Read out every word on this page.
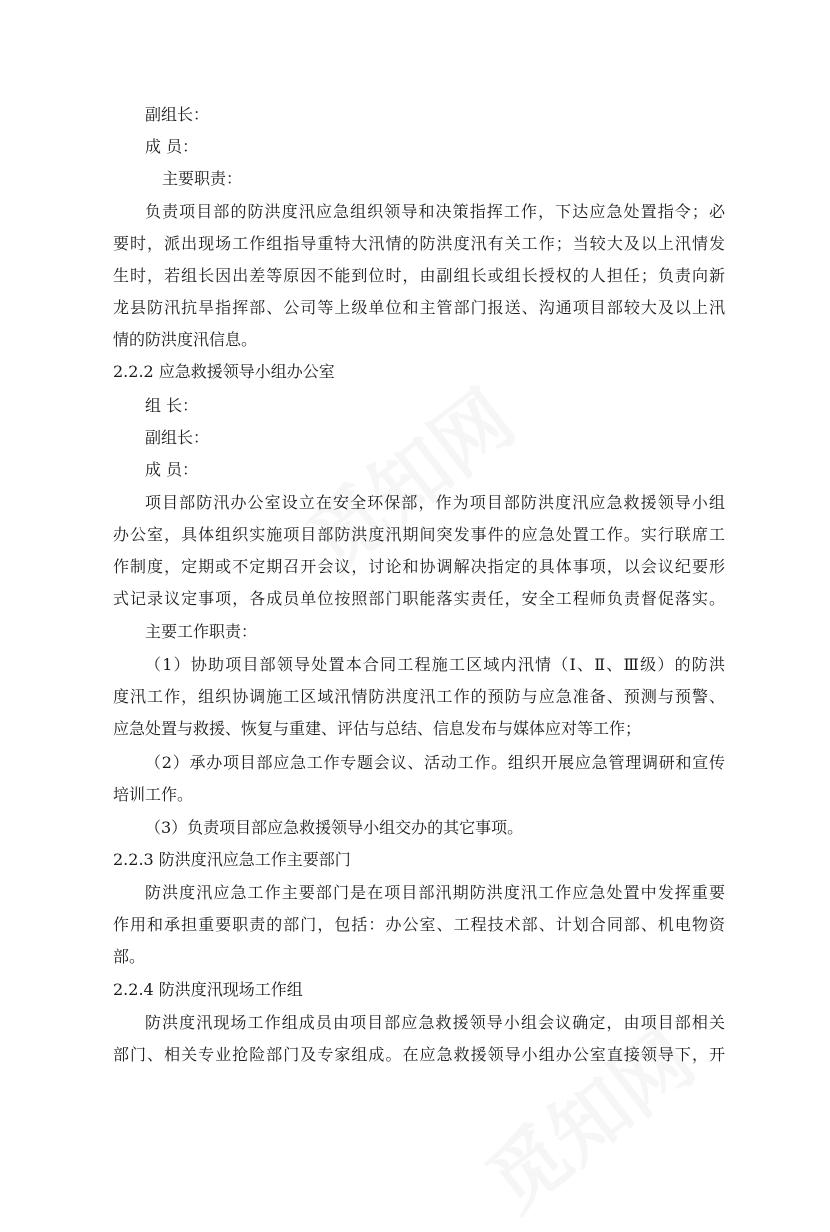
副组长：
成 员：
主要职责：
负责项目部的防洪度汛应急组织领导和决策指挥工作，下达应急处置指令；必
要时，派出现场工作组指导重特大汛情的防洪度汛有关工作；当较大及以上汛情发
生时，若组长因出差等原因不能到位时，由副组长或组长授权的人担任；负责向新
龙县防汛抗旱指挥部、公司等上级单位和主管部门报送、沟通项目部较大及以上汛
情的防洪度汛信息。
2.2.2 应急救援领导小组办公室
组 长：
副组长：
成 员：
项目部防汛办公室设立在安全环保部，作为项目部防洪度汛应急救援领导小组
办公室，具体组织实施项目部防洪度汛期间突发事件的应急处置工作。实行联席工
作制度，定期或不定期召开会议，讨论和协调解决指定的具体事项，以会议纪要形
式记录议定事项，各成员单位按照部门职能落实责任，安全工程师负责督促落实。
主要工作职责：
（1）协助项目部领导处置本合同工程施工区域内汛情（Ⅰ、Ⅱ、Ⅲ级）的防洪
度汛工作，组织协调施工区域汛情防洪度汛工作的预防与应急准备、预测与预警、
应急处置与救援、恢复与重建、评估与总结、信息发布与媒体应对等工作；
（2）承办项目部应急工作专题会议、活动工作。组织开展应急管理调研和宣传
培训工作。
（3）负责项目部应急救援领导小组交办的其它事项。
2.2.3 防洪度汛应急工作主要部门
防洪度汛应急工作主要部门是在项目部汛期防洪度汛工作应急处置中发挥重要
作用和承担重要职责的部门，包括：办公室、工程技术部、计划合同部、机电物资
部。
2.2.4 防洪度汛现场工作组
防洪度汛现场工作组成员由项目部应急救援领导小组会议确定，由项目部相关
部门、相关专业抢险部门及专家组成。在应急救援领导小组办公室直接领导下，开
